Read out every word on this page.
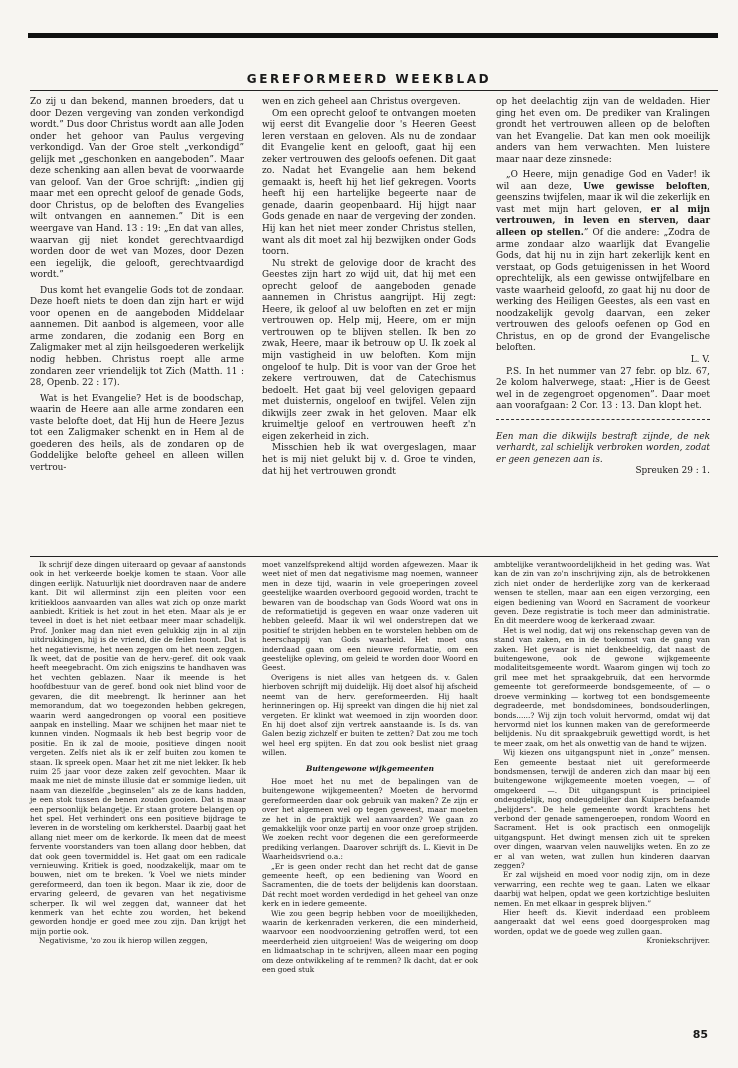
GEREFORMEERD WEEKBLAD

Zo zij u dan bekend, mannen broeders, dat u door Dezen vergeving van zonden verkondigd wordt.” Dus door Christus wordt aan alle Joden onder het gehoor van Paulus vergeving verkondigd. Van der Groe stelt „verkondigd” gelijk met „geschonken en aangeboden”. Maar deze schenking aan allen bevat de voorwaarde van geloof. Van der Groe schrijft: „indien gij maar met een oprecht geloof de genade Gods, door Christus, op de beloften des Evangelies wilt ontvangen en aannemen.” Dit is een weergave van Hand. 13 : 19: „En dat van alles, waarvan gij niet kondet gerechtvaardigd worden door de wet van Mozes, door Dezen een iegelijk, die gelooft, gerechtvaardigd wordt.”

Dus komt het evangelie Gods tot de zondaar. Deze hoeft niets te doen dan zijn hart er wijd voor openen en de aangeboden Middelaar aannemen. Dit aanbod is algemeen, voor alle arme zondaren, die zodanig een Borg en Zaligmaker met al zijn heilsgoederen werkelijk nodig hebben. Christus roept alle arme zondaren zeer vriendelijk tot Zich (Matth. 11 : 28, Openb. 22 : 17).

Wat is het Evangelie? Het is de boodschap, waarin de Heere aan alle arme zondaren een vaste belofte doet, dat Hij hun de Heere Jezus tot een Zaligmaker schenkt en in Hem al de goederen des heils, als de zondaren op de Goddelijke belofte geheel en alleen willen vertrou-

wen en zich geheel aan Christus overgeven.

Om een oprecht geloof te ontvangen moeten wij eerst dit Evangelie door 's Heeren Geest leren verstaan en geloven. Als nu de zondaar dit Evangelie kent en gelooft, gaat hij een zeker vertrouwen des geloofs oefenen. Dit gaat zo. Nadat het Evangelie aan hem bekend gemaakt is, heeft hij het lief gekregen. Voorts heeft hij een hartelijke begeerte naar de genade, daarin geopenbaard. Hij hijgt naar Gods genade en naar de vergeving der zonden. Hij kan het niet meer zonder Christus stellen, want als dit moet zal hij bezwijken onder Gods toorn.

Nu strekt de gelovige door de kracht des Geestes zijn hart zo wijd uit, dat hij met een oprecht geloof de aangeboden genade aannemen in Christus aangrijpt. Hij zegt: Heere, ik geloof al uw beloften en zet er mijn vertrouwen op. Help mij, Heere, om er mijn vertrouwen op te blijven stellen. Ik ben zo zwak, Heere, maar ik betrouw op U. Ik zoek al mijn vastigheid in uw beloften. Kom mijn ongeloof te hulp. Dit is voor van der Groe het zekere vertrouwen, dat de Catechismus bedoelt. Het gaat bij veel gelovigen gepaard met duisternis, ongeloof en twijfel. Velen zijn dikwijls zeer zwak in het geloven. Maar elk kruimeltje geloof en vertrouwen heeft z'n eigen zekerheid in zich.

Misschien heb ik wat overgeslagen, maar het is mij niet gelukt bij v. d. Groe te vinden, dat hij het vertrouwen grondt

op het deelachtig zijn van de weldaden. Hier ging het even om. De prediker van Kralingen grondt het vertrouwen alleen op de beloften van het Evangelie. Dat kan men ook moeilijk anders van hem verwachten. Men luistere maar naar deze zinsnede:

„O Heere, mijn genadige God en Vader! ik wil aan deze, Uwe gewisse beloften, geenszins twijfelen, maar ik wil die zekerlijk en vast met mijn hart geloven, er al mijn vertrouwen, in leven en sterven, daar alleen op stellen.” Of die andere: „Zodra de arme zondaar alzo waarlijk dat Evangelie Gods, dat hij nu in zijn hart zekerlijk kent en verstaat, op Gods getuigenissen in het Woord oprechtelijk, als een gewisse ontwijfelbare en vaste waarheid geloofd, zo gaat hij nu door de werking des Heiligen Geestes, als een vast en noodzakelijk gevolg daarvan, een zeker vertrouwen des geloofs oefenen op God en Christus, en op de grond der Evangelische beloften.

L. V.

P.S. In het nummer van 27 febr. op blz. 67, 2e kolom halverwege, staat: „Hier is de Geest wel in de zegengroet opgenomen”. Daar moet aan voorafgaan: 2 Cor. 13 : 13. Dan klopt het.

Een man die dikwijls bestraft zijnde, de nek verhardt, zal schielijk verbroken worden, zodat er geen genezen aan is.

Spreuken 29 : 1.

Ik schrijf deze dingen uiteraard op gevaar af aanstonds ook in het verkeerde boekje komen te staan. Voor alle dingen eerlijk. Natuurlijk niet doordraven naar de andere kant. Dit wil allerminst zijn een pleiten voor een kritiekloos aanvaarden van alles wat zich op onze markt aanbiedt. Kritiek is het zout in het eten. Maar als je er teveel in doet is het niet eetbaar meer maar schadelijk. Prof. Jonker mag dan niet even gelukkig zijn in al zijn uitdrukkingen, hij is de vriend, die de feilen toont. Dat is het negatievisme, het neen zeggen om het neen zeggen. Ik weet, dat de positie van de herv.-geref. dit ook vaak heeft meegebracht. Om zich enigszins te handhaven was het vechten geblazen. Naar ik meende is het hoofdbestuur van de geref. bond ook niet blind voor de gevaren, die dit meebrengt. Ik herinner aan het memorandum, dat wo toegezonden hebben gekregen, waarin werd aangedrongen op vooral een positieve aanpak en instelling. Maar we schijnen het maar niet te kunnen vinden. Nogmaals ik heb best begrip voor de positie. En ik zal de mooie, positieve dingen nooit vergeten. Zelfs niet als ik er zelf buiten zou komen te staan. Ik spreek open. Maar het zit me niet lekker. Ik heb ruim 25 jaar voor deze zaken zelf gevochten. Maar ik maak me niet de minste illusie dat er sommige lieden, uit naam van diezelfde „beginselen” als ze de kans hadden, je een stok tussen de benen zouden gooien. Dat is maar een persoonlijk belangetje. Er staan grotere belangen op het spel. Het verhindert ons een positieve bijdrage te leveren in de worsteling om kerkherstel. Daarbij gaat het allang niet meer om de kerkorde. Ik meen dat de meest fervente voorstanders van toen allang door hebben, dat dat ook geen tovermiddel is. Het gaat om een radicale vernieuwing. Kritiek is goed, noodzakelijk, maar om te bouwen, niet om te breken. 'k Voel we niets minder gereformeerd, dan toen ik begon. Maar ik zie, door de ervaring geleerd, de gevaren van het negativisme scherper. Ik wil wel zeggen dat, wanneer dat het kenmerk van het echte zou worden, het bekend geworden hondje er goed mee zou zijn. Dan krijgt het mijn portie ook.

Negativisme, 'zo zou ik hierop willen zeggen,

moet vanzelfsprekend altijd worden afgewezen. Maar ik weet niet of men dat negativisme mag noemen, wanneer men in deze tijd, waarin in vele groeperingen zoveel geestelijke waarden overboord gegooid worden, tracht te bewaren van de boodschap van Gods Woord wat ons in de reformatietijd is gegeven en waar onze vaderen uit hebben geleefd. Maar ik wil wel onderstrepen dat we positief te strijden hebben en te worstelen hebben om de heerschappij van Gods waarheid. Het moet ons inderdaad gaan om een nieuwe reformatie, om een geestelijke opleving, om geleid te worden door Woord en Geest.

Overigens is niet alles van hetgeen ds. v. Galen hierboven schrijft mij duidelijk. Hij doet alsof hij afscheid neemt van de herv. gereformeerden. Hij haalt herinneringen op. Hij spreekt van dingen die hij niet zal vergeten. Er klinkt wat weemoed in zijn woorden door. En hij doet alsof zijn vertrek aanstaande is. Is ds. van Galen bezig zichzelf er buiten te zetten? Dat zou me toch wel heel erg spijten. En dat zou ook beslist niet graag willen.

Buitengewone wijkgemeenten

Hoe moet het nu met de bepalingen van de buitengewone wijkgemeenten? Moeten de hervormd gereformeerden daar ook gebruik van maken? Ze zijn er over het algemeen wel op tegen geweest, maar moeten ze het in de praktijk wel aanvaarden? We gaan zo gemakkelijk voor onze partij en voor onze groep strijden. We zoeken recht voor degenen die een gereformeerde prediking verlangen. Daarover schrijft ds. L. Kievit in De Waarheidsvriend o.a.:

„Er is geen onder recht dan het recht dat de ganse gemeente heeft, op een bediening van Woord en Sacramenten, die de toets der belijdenis kan doorstaan. Dát recht moet worden verdedigd in het geheel van onze kerk en in iedere gemeente.

Wie zou geen begrip hebben voor de moeilijkheden, waarin de kerkenraden verkeren, die een minderheid, waarvoor een noodvoorziening getroffen werd, tot een meerderheid zien uitgroeien! Was de weigering om doop en lidmaatschap in te schrijven, alleen maar een poging om deze ontwikkeling af te remmen? Ik dacht, dat er ook een goed stuk

ambtelijke verantwoordelijkheid in het geding was. Wat kan de zin van zo'n inschrijving zijn, als de betrokkenen zich niet onder de herderlijke zorg van de kerkeraad wensen te stellen, maar aan een eigen verzorging, een eigen bediening van Woord en Sacrament de voorkeur geven. Deze registratie is toch meer dan administratie. En dit meerdere woog de kerkeraad zwaar.

Het is wel nodig, dat wij ons rekenschap geven van de stand van zaken, en in de toekomst van de gang van zaken. Het gevaar is niet denkbeeldig, dat naast de buitengewone, ook de gewone wijkgemeente modaliteitsgemeente wordt. Waarom gingen wij toch zo gril mee met het spraakgebruik, dat een hervormde gemeente tot gereformeerde bondsgemeente, of — o droeve verminking — kortweg tot een bondsgemeente degradeerde, met bondsdominees, bondsouderlingen, bonds......? Wij zijn toch voluit hervormd, omdat wij dat hervormd niet los kunnen maken van de gereformeerde belijdenis. Nu dit spraakgebruik gewettigd wordt, is het te meer zaak, om het als onwettig van de hand te wijzen.

Wij kiezen ons uitgangspunt niet in „onze” mensen. Een gemeente bestaat niet uit gereformeerde bondsmensen, terwijl de anderen zich dan maar bij een buitengewone wijkgemeente moeten voegen, — of omgekeerd —. Dit uitgangspunt is principieel ondeugdelijk, nog ondeugdelijker dan Kuipers befaamde „belijders”. De hele gemeente wordt krachtens het verbond der genade samengeroepen, rondom Woord en Sacrament. Het is ook practisch een onmogelijk uitgangspunt. Het dwingt mensen zich uit te spreken over dingen, waarvan velen nauwelijks weten. En zo ze er al van weten, wat zullen hun kinderen daarvan zeggen?

Er zal wijsheid en moed voor nodig zijn, om in deze verwarring, een rechte weg te gaan. Laten we elkaar daarbij wat helpen, opdat we geen kortzichtige besluiten nemen. En met elkaar in gesprek blijven.”

Hier heeft ds. Kievit inderdaad een probleem aangeraakt dat wel eens goed doorgesproken mag worden, opdat we de goede weg zullen gaan.

Kroniekschrijver.
85
